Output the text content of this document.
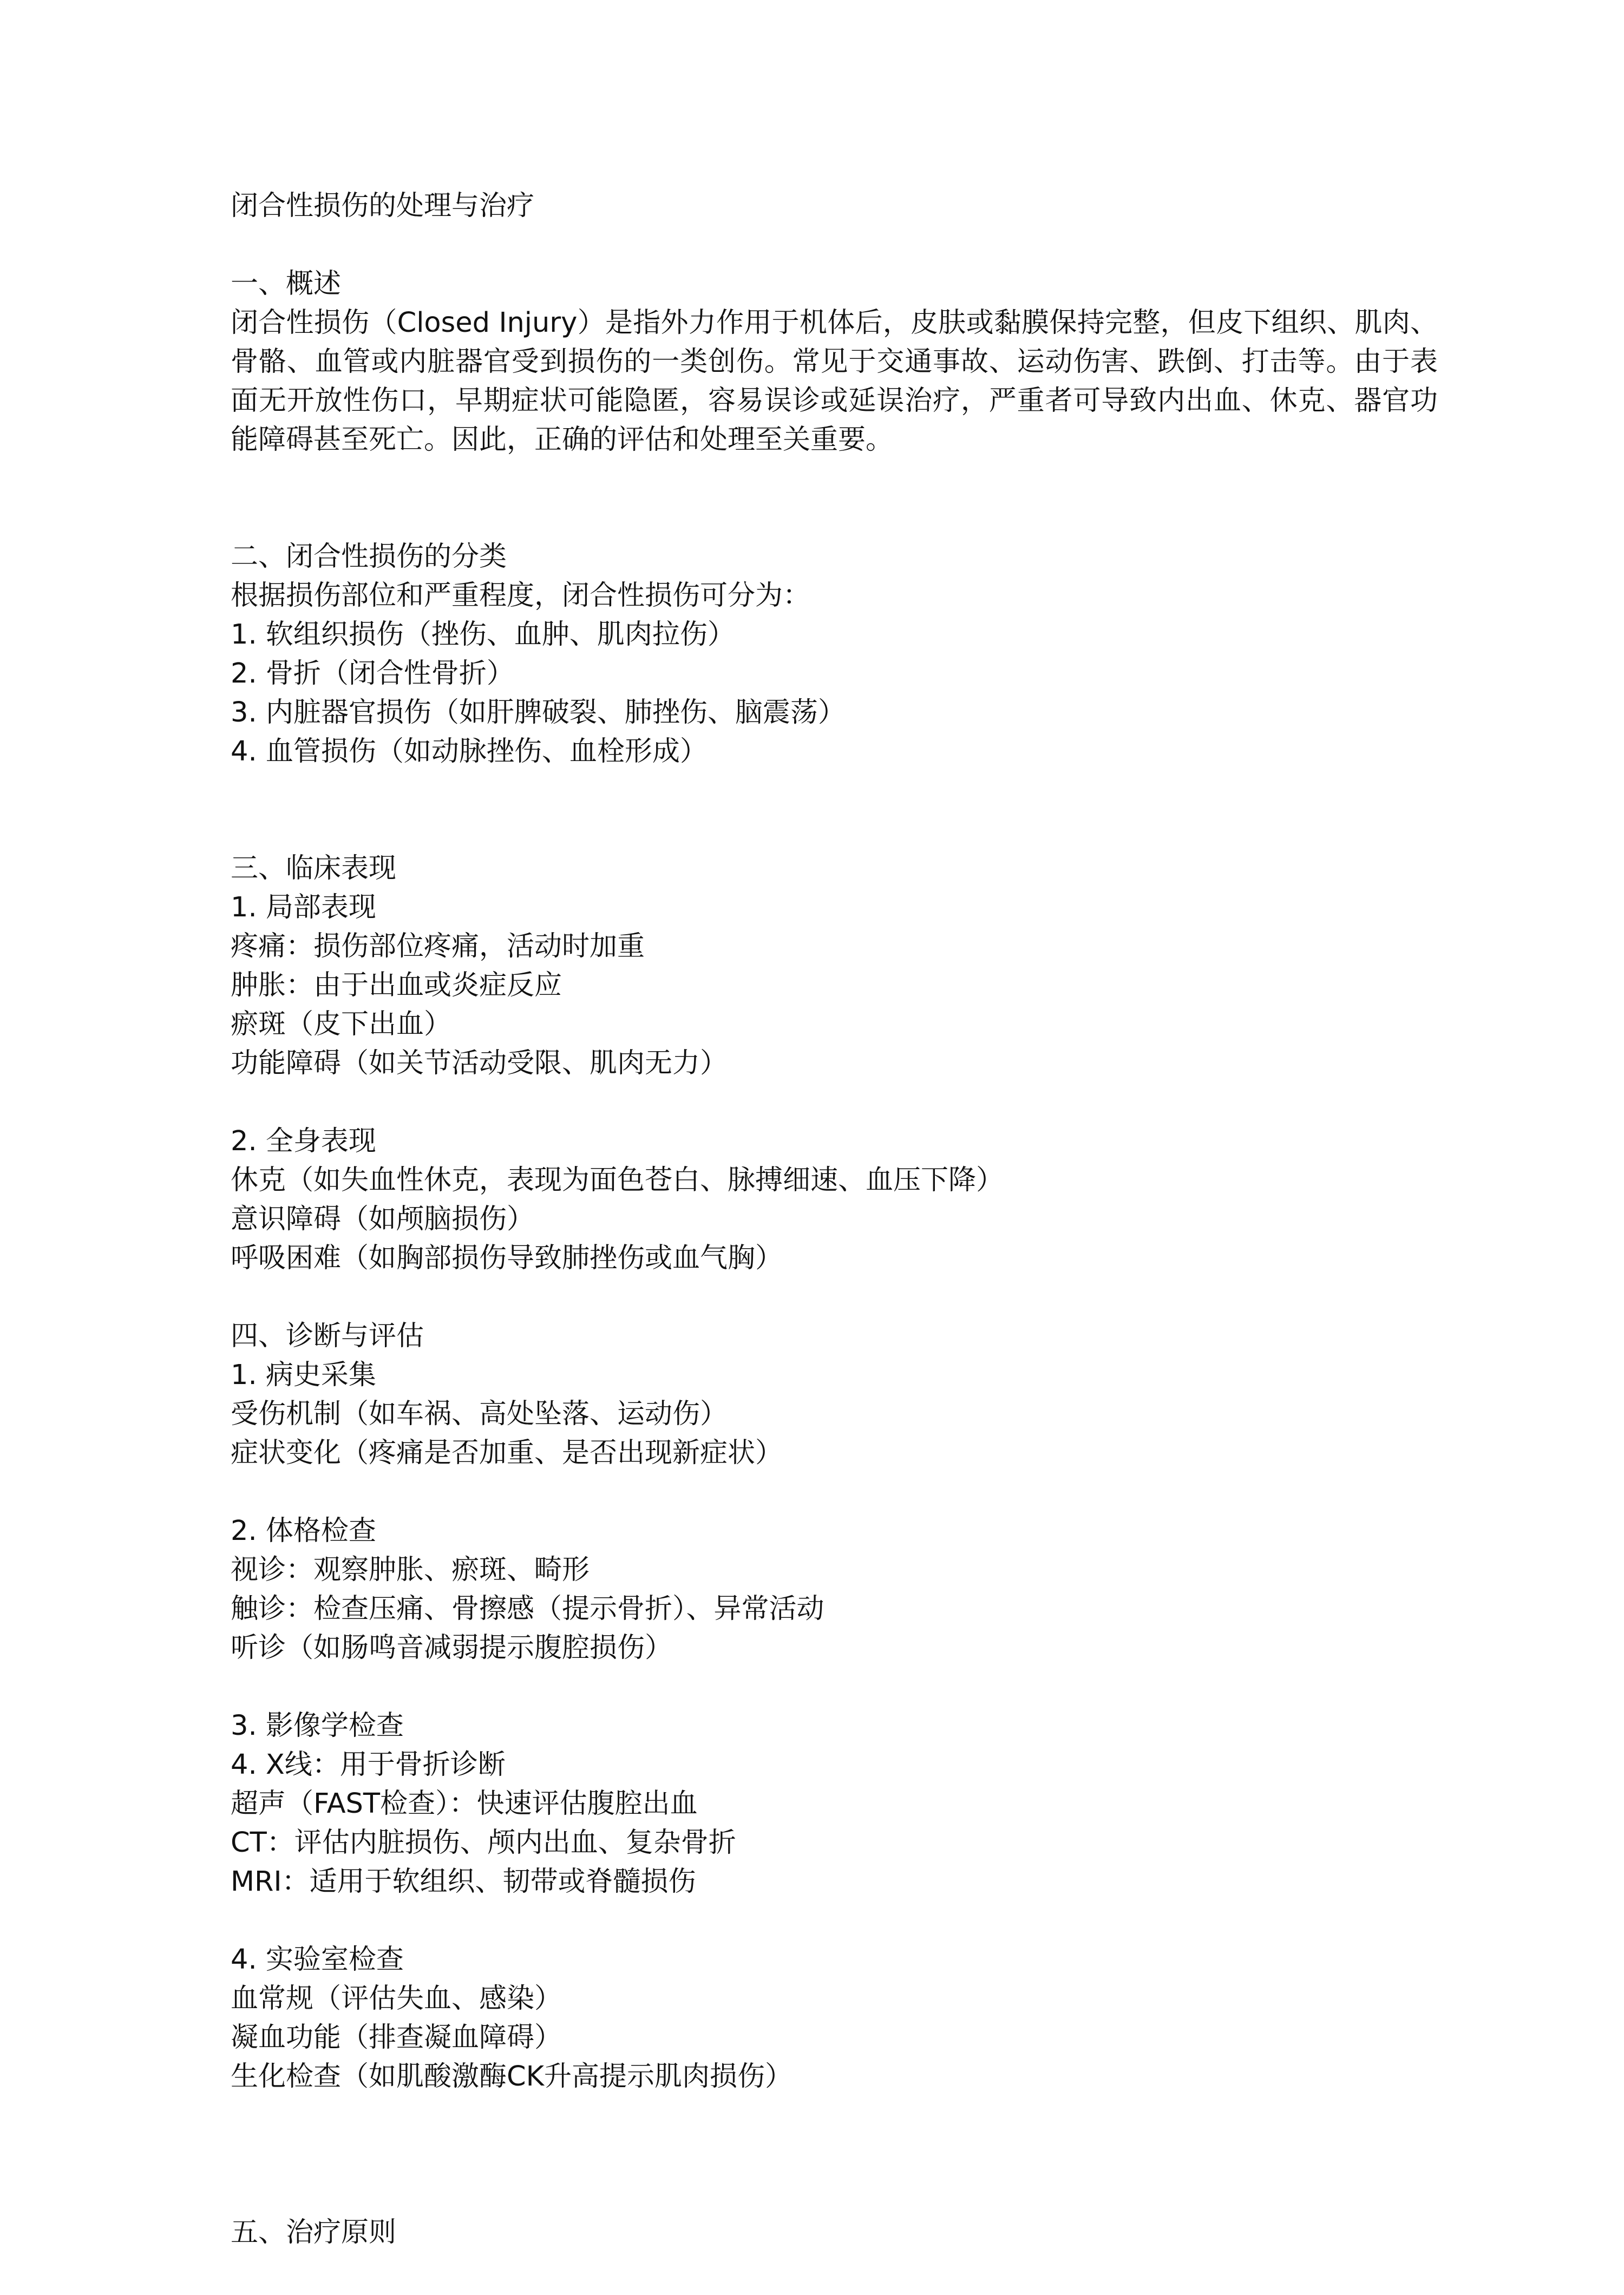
闭合性损伤的处理与治疗
一、概述
闭合性损伤（Closed Injury）是指外力作用于机体后，皮肤或黏膜保持完整，但皮下组织、肌肉、骨骼、血管或内脏器官受到损伤的一类创伤。常见于交通事故、运动伤害、跌倒、打击等。由于表面无开放性伤口，早期症状可能隐匿，容易误诊或延误治疗，严重者可导致内出血、休克、器官功能障碍甚至死亡。因此，正确的评估和处理至关重要。
二、闭合性损伤的分类
根据损伤部位和严重程度，闭合性损伤可分为：
1. 软组织损伤（挫伤、血肿、肌肉拉伤）
2. 骨折（闭合性骨折）
3. 内脏器官损伤（如肝脾破裂、肺挫伤、脑震荡）
4. 血管损伤（如动脉挫伤、血栓形成）
三、临床表现
1. 局部表现
疼痛：损伤部位疼痛，活动时加重
肿胀：由于出血或炎症反应
瘀斑（皮下出血）
功能障碍（如关节活动受限、肌肉无力）
2. 全身表现
休克（如失血性休克，表现为面色苍白、脉搏细速、血压下降）
意识障碍（如颅脑损伤）
呼吸困难（如胸部损伤导致肺挫伤或血气胸）
四、诊断与评估
1. 病史采集
受伤机制（如车祸、高处坠落、运动伤）
症状变化（疼痛是否加重、是否出现新症状）
2. 体格检查
视诊：观察肿胀、瘀斑、畸形
触诊：检查压痛、骨擦感（提示骨折）、异常活动
听诊（如肠鸣音减弱提示腹腔损伤）
3. 影像学检查
4. X线：用于骨折诊断
超声（FAST检查）：快速评估腹腔出血
CT：评估内脏损伤、颅内出血、复杂骨折
MRI：适用于软组织、韧带或脊髓损伤
4. 实验室检查
血常规（评估失血、感染）
凝血功能（排查凝血障碍）
生化检查（如肌酸激酶CK升高提示肌肉损伤）
五、治疗原则
